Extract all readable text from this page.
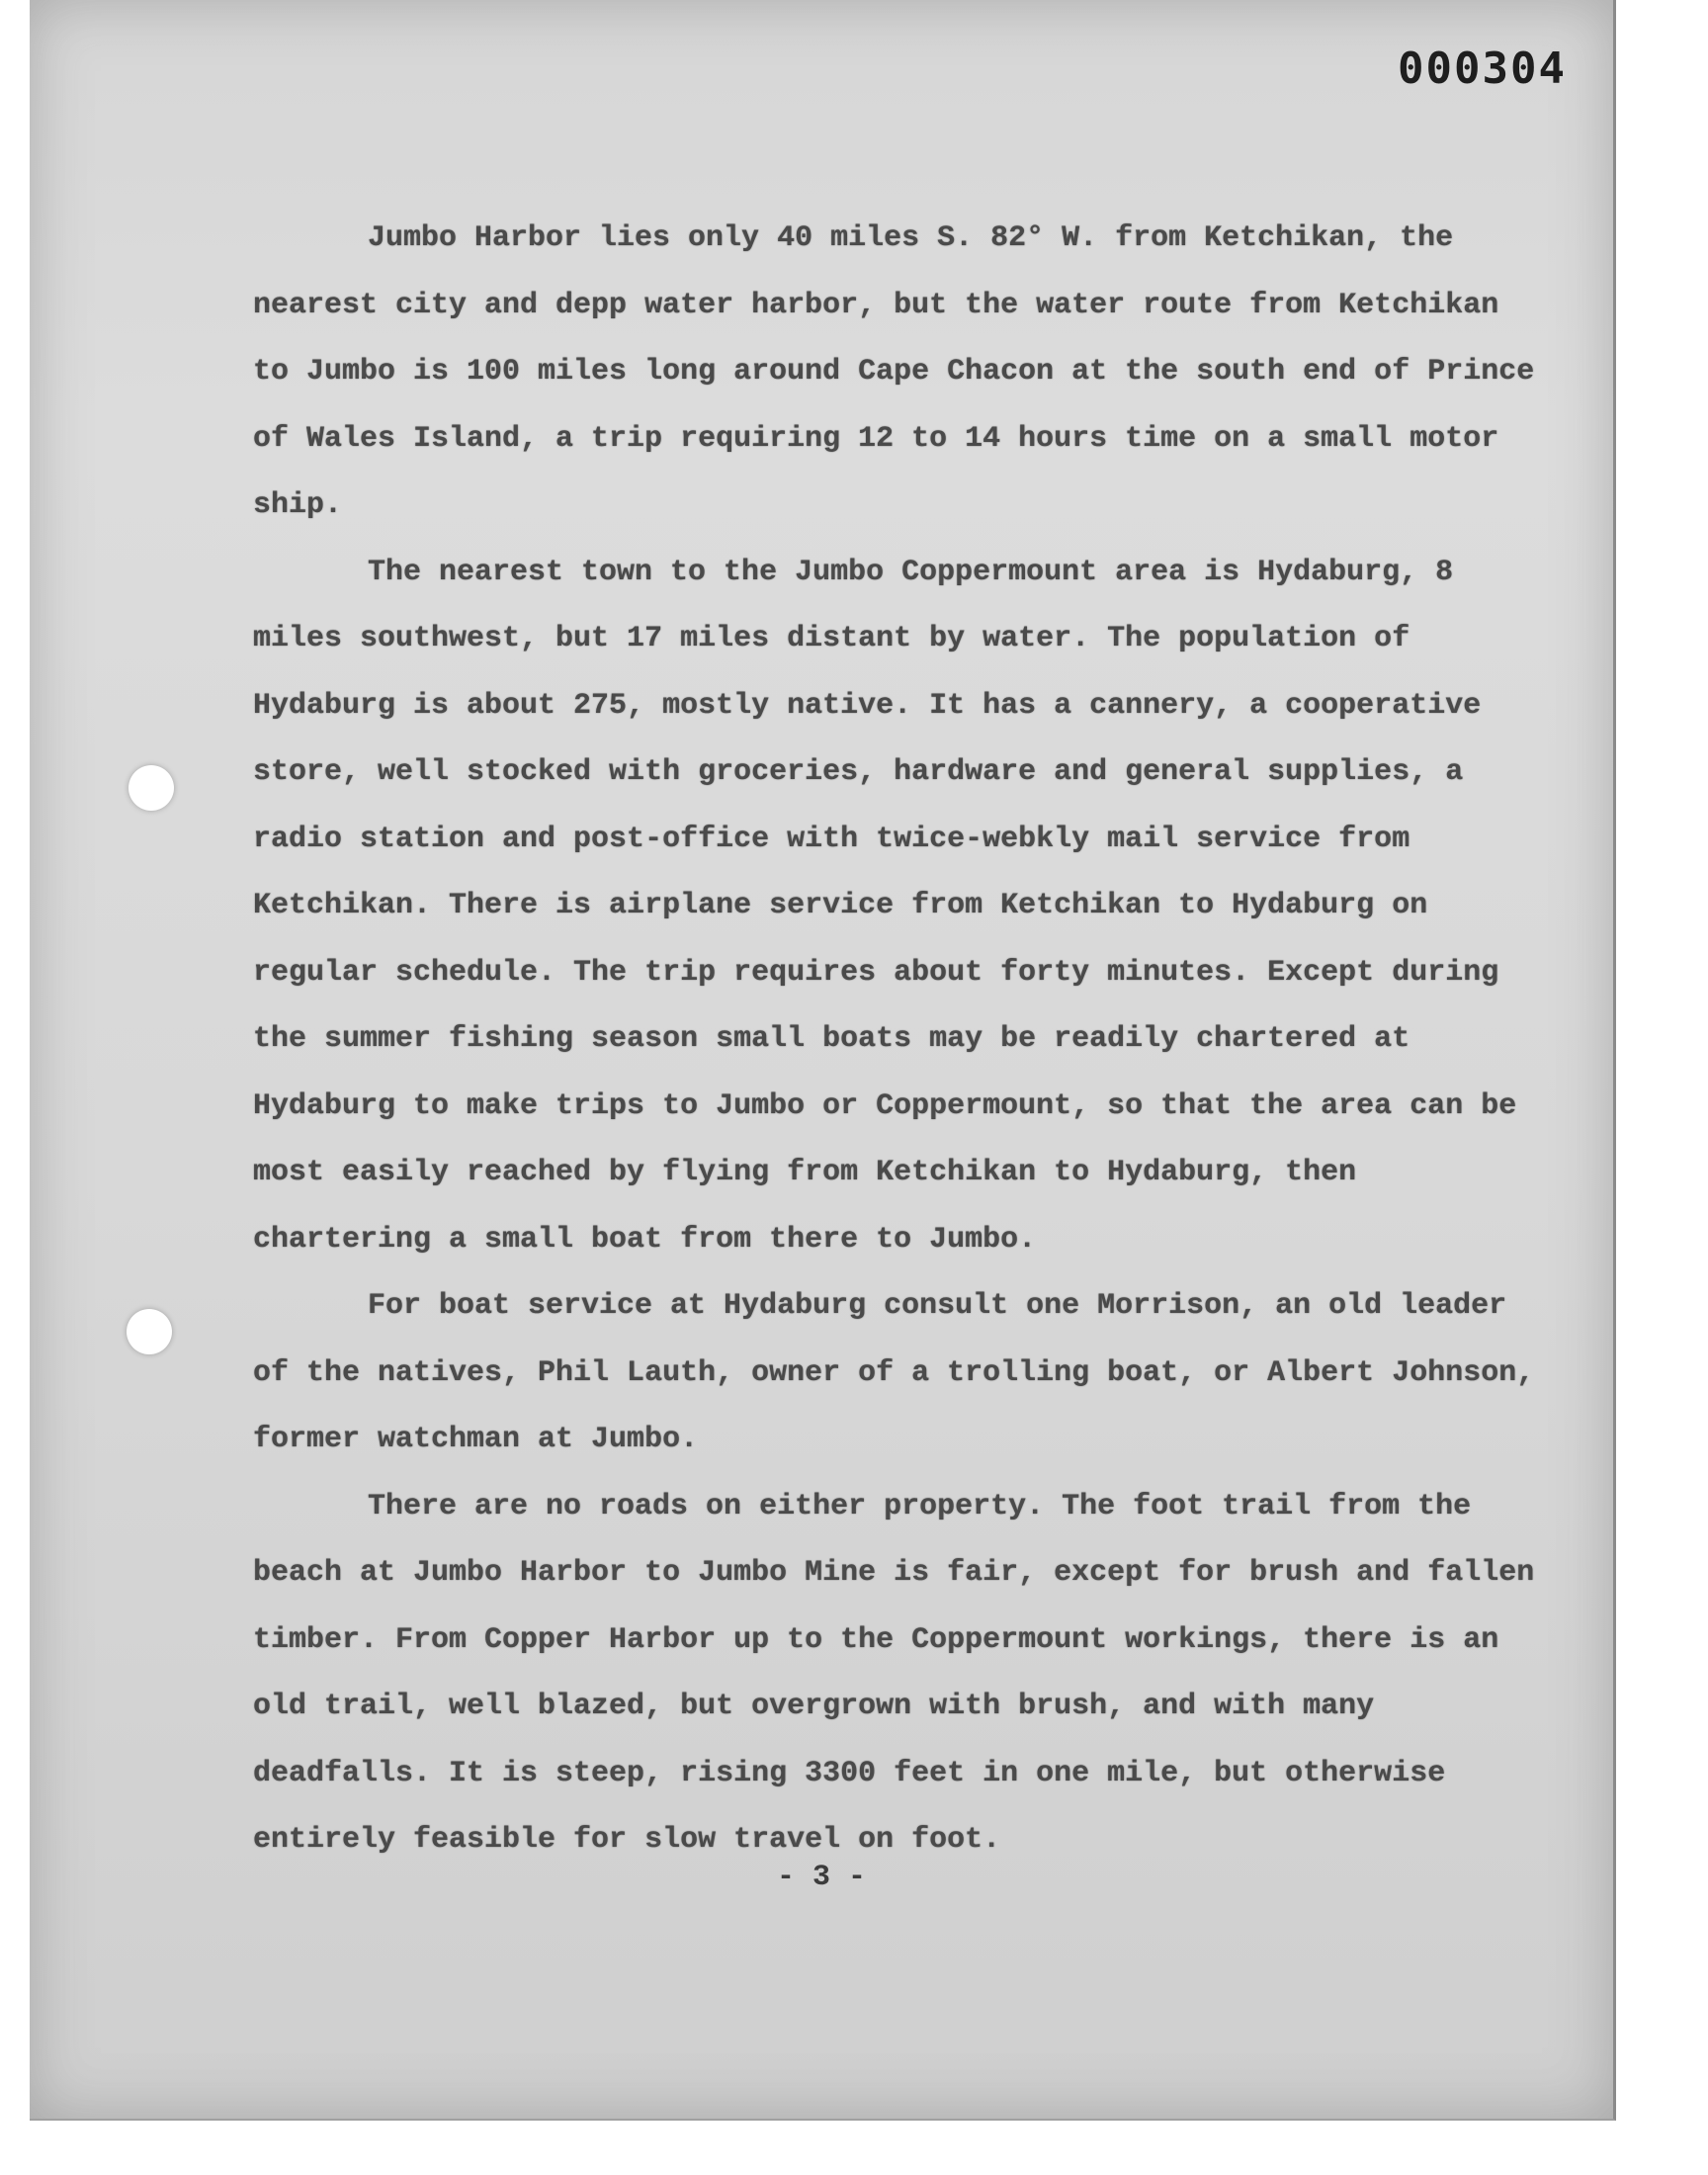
000304

Jumbo Harbor lies only 40 miles S. 82° W. from Ketchikan, the nearest city and depp water harbor, but the water route from Ketchikan to Jumbo is 100 miles long around Cape Chacon at the south end of Prince of Wales Island, a trip requiring 12 to 14 hours time on a small motor ship.

The nearest town to the Jumbo Coppermount area is Hydaburg, 8 miles southwest, but 17 miles distant by water. The population of Hydaburg is about 275, mostly native. It has a cannery, a cooperative store, well stocked with groceries, hardware and general supplies, a radio station and post-office with twice-webkly mail service from Ketchikan. There is airplane service from Ketchikan to Hydaburg on regular schedule. The trip requires about forty minutes. Except during the summer fishing season small boats may be readily chartered at Hydaburg to make trips to Jumbo or Coppermount, so that the area can be most easily reached by flying from Ketchikan to Hydaburg, then chartering a small boat from there to Jumbo.

For boat service at Hydaburg consult one Morrison, an old leader of the natives, Phil Lauth, owner of a trolling boat, or Albert Johnson, former watchman at Jumbo.

There are no roads on either property. The foot trail from the beach at Jumbo Harbor to Jumbo Mine is fair, except for brush and fallen timber. From Copper Harbor up to the Coppermount workings, there is an old trail, well blazed, but overgrown with brush, and with many deadfalls. It is steep, rising 3300 feet in one mile, but otherwise entirely feasible for slow travel on foot.

- 3 -
